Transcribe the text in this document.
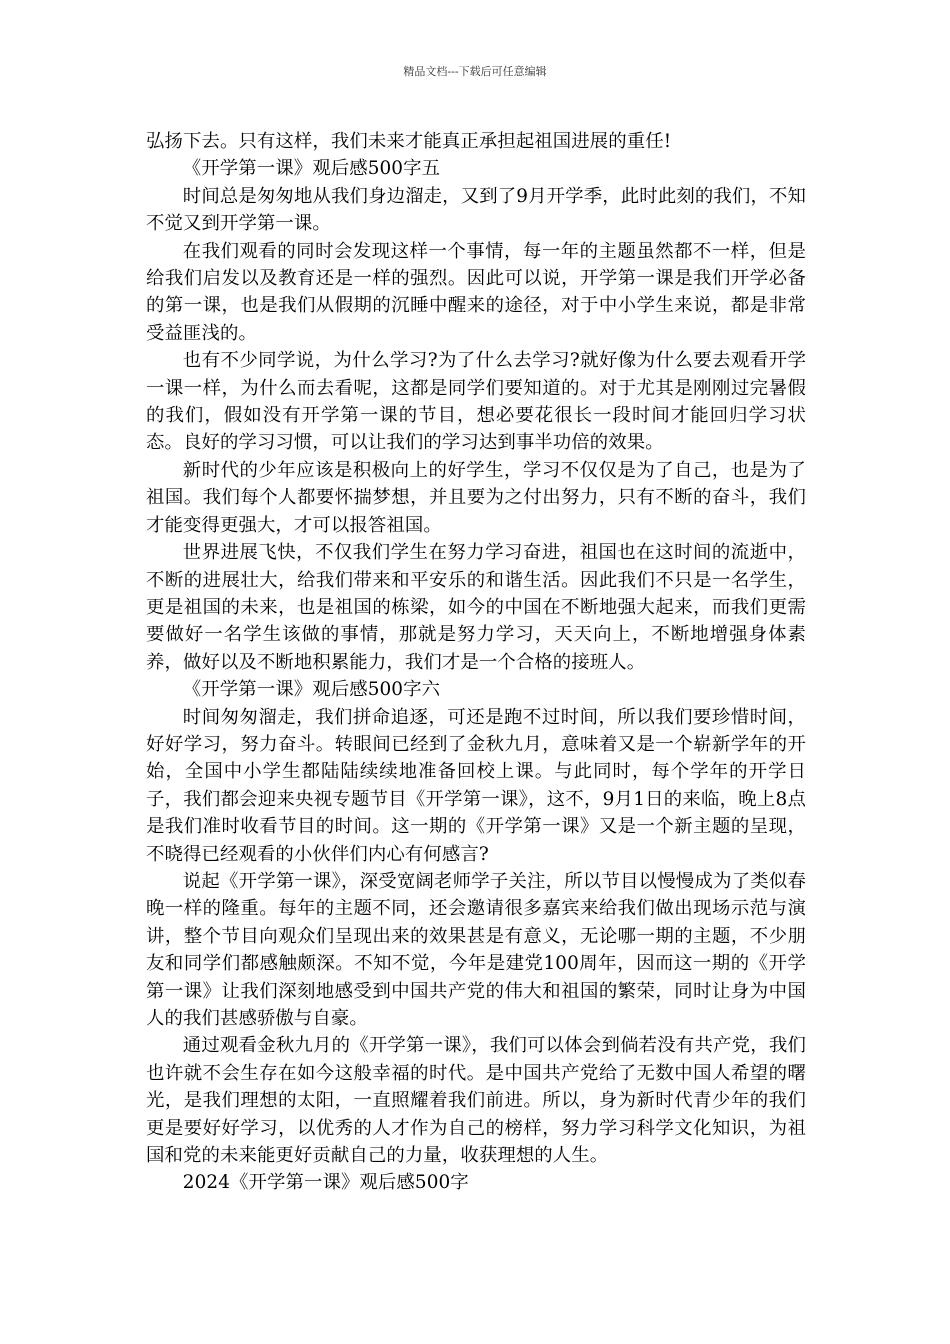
精品文档---下载后可任意编辑

弘扬下去。只有这样，我们未来才能真正承担起祖国进展的重任!

《开学第一课》观后感500字五

时间总是匆匆地从我们身边溜走，又到了9月开学季，此时此刻的我们，不知不觉又到开学第一课。

在我们观看的同时会发现这样一个事情，每一年的主题虽然都不一样，但是给我们启发以及教育还是一样的强烈。因此可以说，开学第一课是我们开学必备的第一课，也是我们从假期的沉睡中醒来的途径，对于中小学生来说，都是非常受益匪浅的。

也有不少同学说，为什么学习?为了什么去学习?就好像为什么要去观看开学一课一样，为什么而去看呢，这都是同学们要知道的。对于尤其是刚刚过完暑假的我们，假如没有开学第一课的节目，想必要花很长一段时间才能回归学习状态。良好的学习习惯，可以让我们的学习达到事半功倍的效果。

新时代的少年应该是积极向上的好学生，学习不仅仅是为了自己，也是为了祖国。我们每个人都要怀揣梦想，并且要为之付出努力，只有不断的奋斗，我们才能变得更强大，才可以报答祖国。

世界进展飞快，不仅我们学生在努力学习奋进，祖国也在这时间的流逝中，不断的进展壮大，给我们带来和平安乐的和谐生活。因此我们不只是一名学生，更是祖国的未来，也是祖国的栋梁，如今的中国在不断地强大起来，而我们更需要做好一名学生该做的事情，那就是努力学习，天天向上，不断地增强身体素养，做好以及不断地积累能力，我们才是一个合格的接班人。

《开学第一课》观后感500字六

时间匆匆溜走，我们拼命追逐，可还是跑不过时间，所以我们要珍惜时间，好好学习，努力奋斗。转眼间已经到了金秋九月，意味着又是一个崭新学年的开始，全国中小学生都陆陆续续地准备回校上课。与此同时，每个学年的开学日子，我们都会迎来央视专题节目《开学第一课》，这不，9月1日的来临，晚上8点是我们准时收看节目的时间。这一期的《开学第一课》又是一个新主题的呈现，不晓得已经观看的小伙伴们内心有何感言?

说起《开学第一课》，深受宽阔老师学子关注，所以节目以慢慢成为了类似春晚一样的隆重。每年的主题不同，还会邀请很多嘉宾来给我们做出现场示范与演讲，整个节目向观众们呈现出来的效果甚是有意义，无论哪一期的主题，不少朋友和同学们都感触颇深。不知不觉，今年是建党100周年，因而这一期的《开学第一课》让我们深刻地感受到中国共产党的伟大和祖国的繁荣，同时让身为中国人的我们甚感骄傲与自豪。

通过观看金秋九月的《开学第一课》，我们可以体会到倘若没有共产党，我们也许就不会生存在如今这般幸福的时代。是中国共产党给了无数中国人希望的曙光，是我们理想的太阳，一直照耀着我们前进。所以，身为新时代青少年的我们更是要好好学习，以优秀的人才作为自己的榜样，努力学习科学文化知识，为祖国和党的未来能更好贡献自己的力量，收获理想的人生。

2024《开学第一课》观后感500字
